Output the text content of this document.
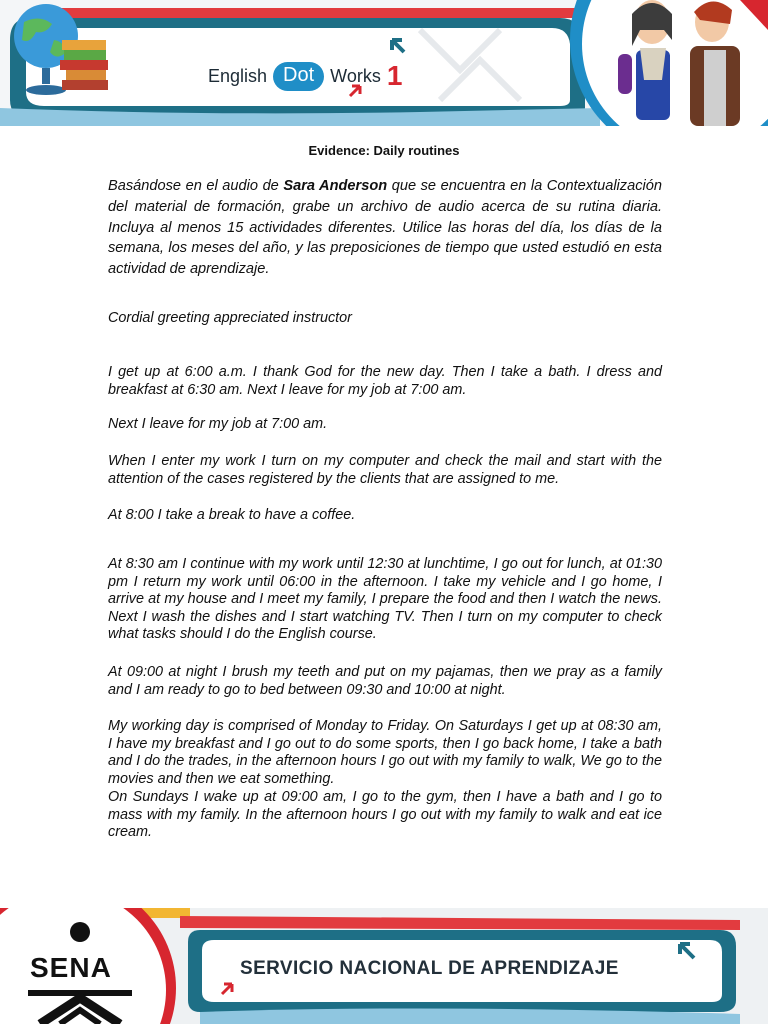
English Dot Works 1
Evidence: Daily routines
Basándose en el audio de Sara Anderson que se encuentra en la Contextualización del material de formación, grabe un archivo de audio acerca de su rutina diaria. Incluya al menos 15 actividades diferentes. Utilice las horas del día, los días de la semana, los meses del año, y las preposiciones de tiempo que usted estudió en esta actividad de aprendizaje.
Cordial greeting appreciated instructor

I get up at 6:00 a.m. I thank God for the new day. Then I take a bath. I dress and breakfast at 6:30 am. Next I leave for my job at 7:00 am.

Next I leave for my job at 7:00 am.

When I enter my work I turn on my computer and check the mail and start with the attention of the cases registered by the clients that are assigned to me.

At 8:00 I take a break to have a coffee.

At 8:30 am I continue with my work until 12:30 at lunchtime, I go out for lunch, at 01:30 pm I return my work until 06:00 in the afternoon. I take my vehicle and I go home, I arrive at my house and I meet my family, I prepare the food and then I watch the news. Next I wash the dishes and I start watching TV. Then I turn on my computer to check what tasks should I do the English course.

At 09:00 at night I brush my teeth and put on my pajamas, then we pray as a family and I am ready to go to bed between 09:30 and 10:00 at night.

My working day is comprised of Monday to Friday. On Saturdays I get up at 08:30 am, I have my breakfast and I go out to do some sports, then I go back home, I take a bath and I do the trades, in the afternoon hours I go out with my family to walk, We go to the movies and then we eat something.

On Sundays I wake up at 09:00 am, I go to the gym, then I have a bath and I go to mass with my family. In the afternoon hours I go out with my family to walk and eat ice cream.

SENA	SERVICIO NACIONAL DE APRENDIZAJE
